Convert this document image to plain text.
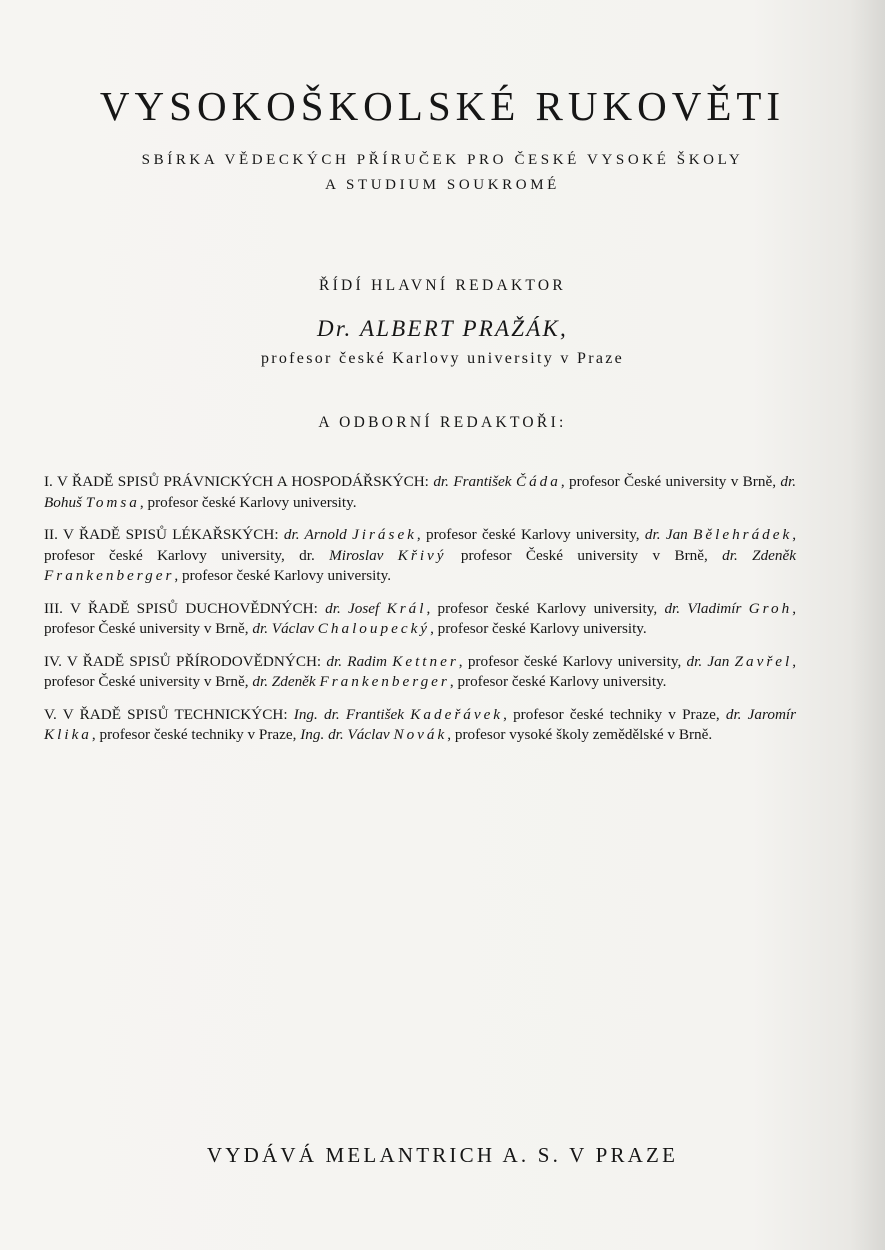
VYSOKOŠKOLSKÉ RUKOVĚTI
SBÍRKA VĚDECKÝCH PŘÍRUČEK PRO ČESKÉ VYSOKÉ ŠKOLY
A STUDIUM SOUKROMÉ
ŘÍDÍ HLAVNÍ REDAKTOR
Dr. ALBERT PRAŽÁK,
profesor české Karlovy university v Praze
A ODBORNÍ REDAKTOŘI:
I. V ŘADĚ SPISŮ PRÁVNICKÝCH A HOSPODÁŘSKÝCH: dr. František Čáda, profesor České university v Brně, dr. Bohuš Tomsa, profesor české Karlovy university.
II. V ŘADĚ SPISŮ LÉKAŘSKÝCH: dr. Arnold Jirásek, profesor české Karlovy university, dr. Jan Bělehrádek, profesor české Karlovy university, dr. Miroslav Křivý profesor České university v Brně, dr. Zdeněk Frankenberger, profesor české Karlovy university.
III. V ŘADĚ SPISŮ DUCHOVĚDNÝCH: dr. Josef Král, profesor české Karlovy university, dr. Vladimír Groh, profesor České university v Brně, dr. Václav Chaloupecký, profesor české Karlovy university.
IV. V ŘADĚ SPISŮ PŘÍRODOVĚDNÝCH: dr. Radim Kettner, profesor české Karlovy university, dr. Jan Zavřel, profesor České university v Brně, dr. Zdeněk Frankenberger, profesor české Karlovy university.
V. V ŘADĚ SPISŮ TECHNICKÝCH: Ing. dr. František Kadeřávek, profesor české techniky v Praze, dr. Jaromír Klika, profesor české techniky v Praze, Ing. dr. Václav Novák, profesor vysoké školy zemědělské v Brně.
VYDÁVÁ MELANTRICH A. S. V PRAZE
